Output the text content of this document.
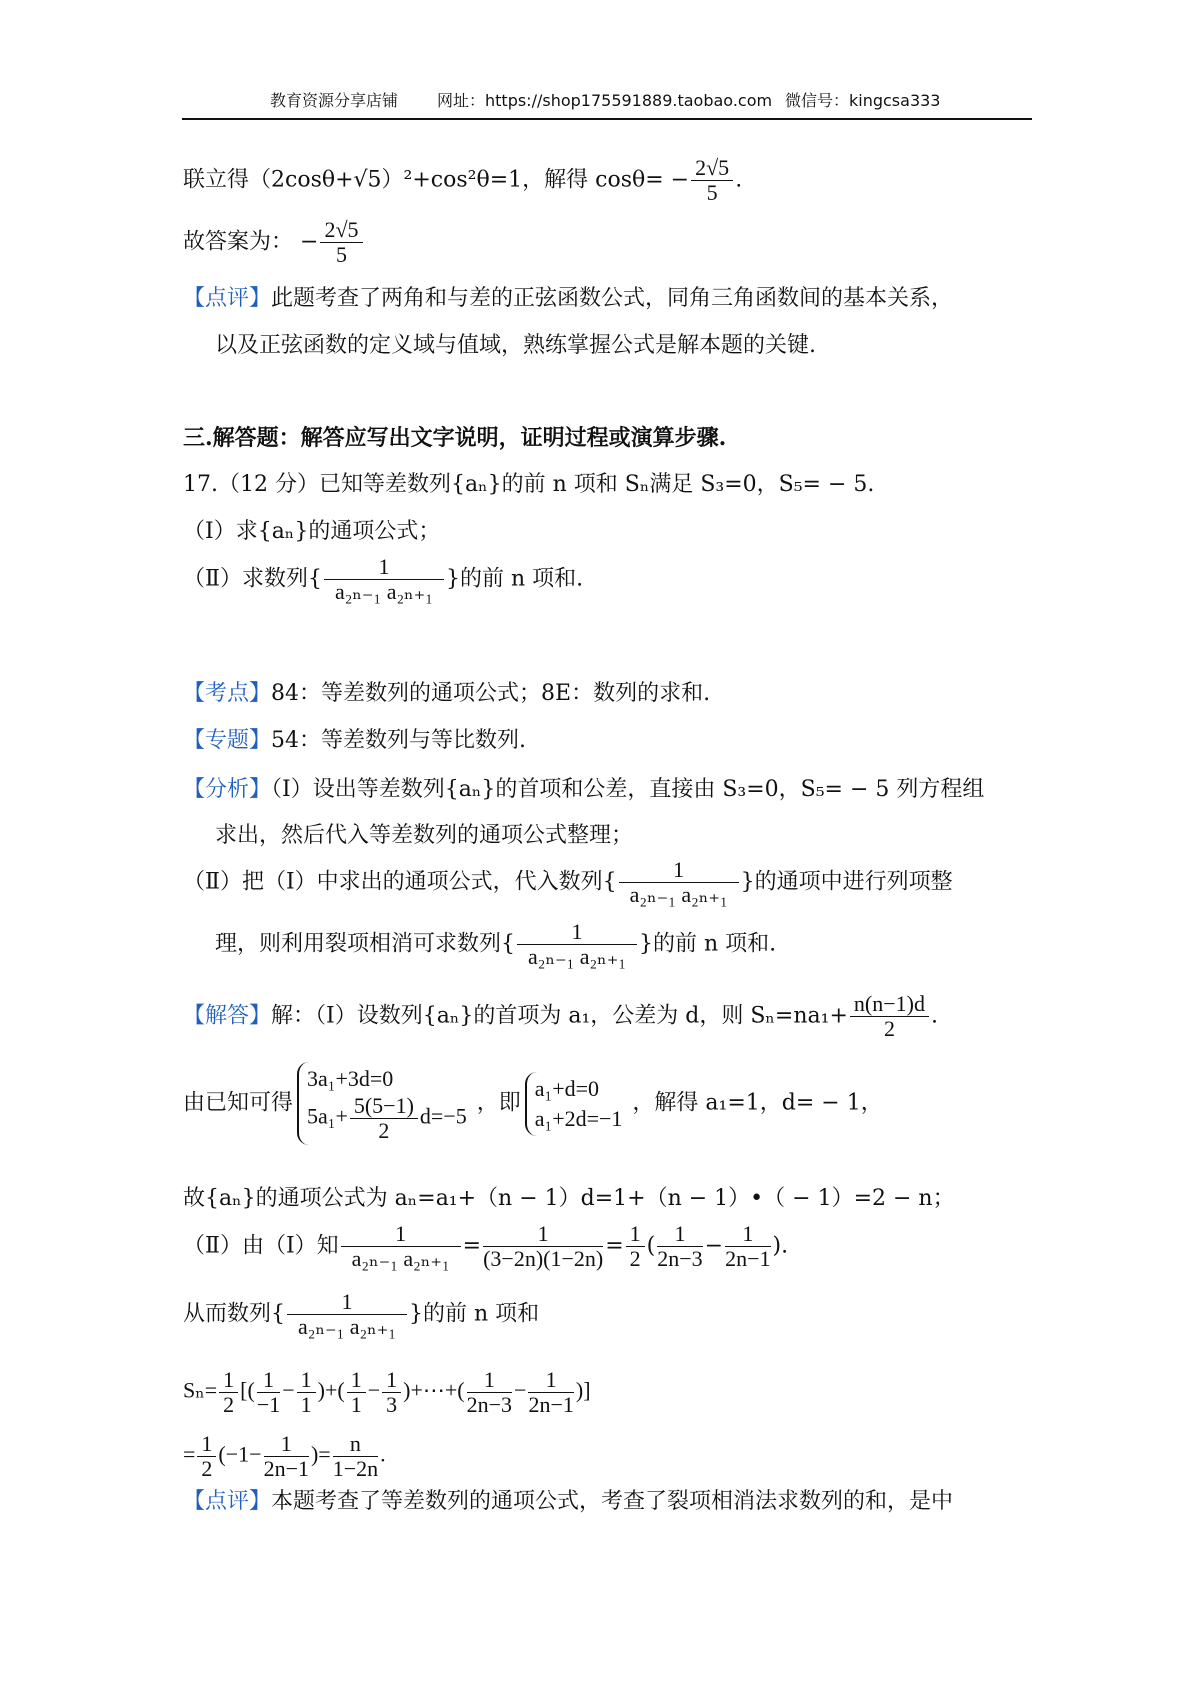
教育资源分享店铺 网址：https://shop175591889.taobao.com 微信号：kingcsa333
联立得（2cosθ+√5）²+cos²θ=1，解得 $\cos\theta= - \frac{2√5}{5}$ .
故答案为： − $\frac{2√5}{5}$
【点评】此题考查了两角和与差的正弦函数公式，同角三角函数间的基本关系，
以及正弦函数的定义域与值域，熟练掌握公式是解本题的关键.
三.解答题：解答应写出文字说明，证明过程或演算步骤.
17.（12 分）已知等差数列{aₙ}的前 n 项和 Sₙ满足 S₃=0，S₅= − 5.
（Ⅰ）求{aₙ}的通项公式；
（Ⅱ）求数列{ $\frac{1}{\text{a₂ₙ₋₁ a₂ₙ₊₁}}$ }的前 n 项和.
【考点】84：等差数列的通项公式；8E：数列的求和.
【专题】54：等差数列与等比数列.
【分析】（Ⅰ）设出等差数列{aₙ}的首项和公差，直接由 S₃=0，S₅= − 5 列方程组
求出，然后代入等差数列的通项公式整理；
（Ⅱ）把（Ⅰ）中求出的通项公式，代入数列{ $\frac{1}{\text{a₂ₙ₋₁ a₂ₙ₊₁}}$ }的通项中进行列项整
理，则利用裂项相消可求数列{ $\frac{1}{\text{a₂ₙ₋₁ a₂ₙ₊₁}}$ }的前 n 项和.
【解答】解：（Ⅰ）设数列{aₙ}的首项为 a₁，公差为 d，则 $S_n=na_1+ \frac{n(n-1)d}{2}$ .
由已知可得
3a₁+3d=0
$5a_1+ \frac{5(5-1)}{2} d=-5$
，即
a₁+d=0
a₁+2d=−1
，解得 a₁=1，d= − 1，
故{aₙ}的通项公式为 aₙ=a₁+（n − 1）d=1+（n − 1）•（ − 1）=2 − n；
（Ⅱ）由（Ⅰ）知 $\frac{1}{\text{a₂ₙ₋₁ a₂ₙ₊₁}} = \frac{1}{(3-2n)(1-2n)} = \frac{1}{2}$ ( $\frac{1}{2n-3} - \frac{1}{2n-1}$ ).
从而数列{ $\frac{1}{\text{a₂ₙ₋₁ a₂ₙ₊₁}}$ }的前 n 项和
$S_n= \frac{1}{2}$ [( $\frac{1}{-1} - \frac{1}{1}$ )+( $\frac{1}{1} - \frac{1}{3}$ )+⋯+( $\frac{1}{2n-3} - \frac{1}{2n-1}$ )]
= $\frac{1}{2} (-1- \frac{1}{2n-1}$ )= $\frac{n}{1-2n}$ .
【点评】本题考查了等差数列的通项公式，考查了裂项相消法求数列的和，是中
